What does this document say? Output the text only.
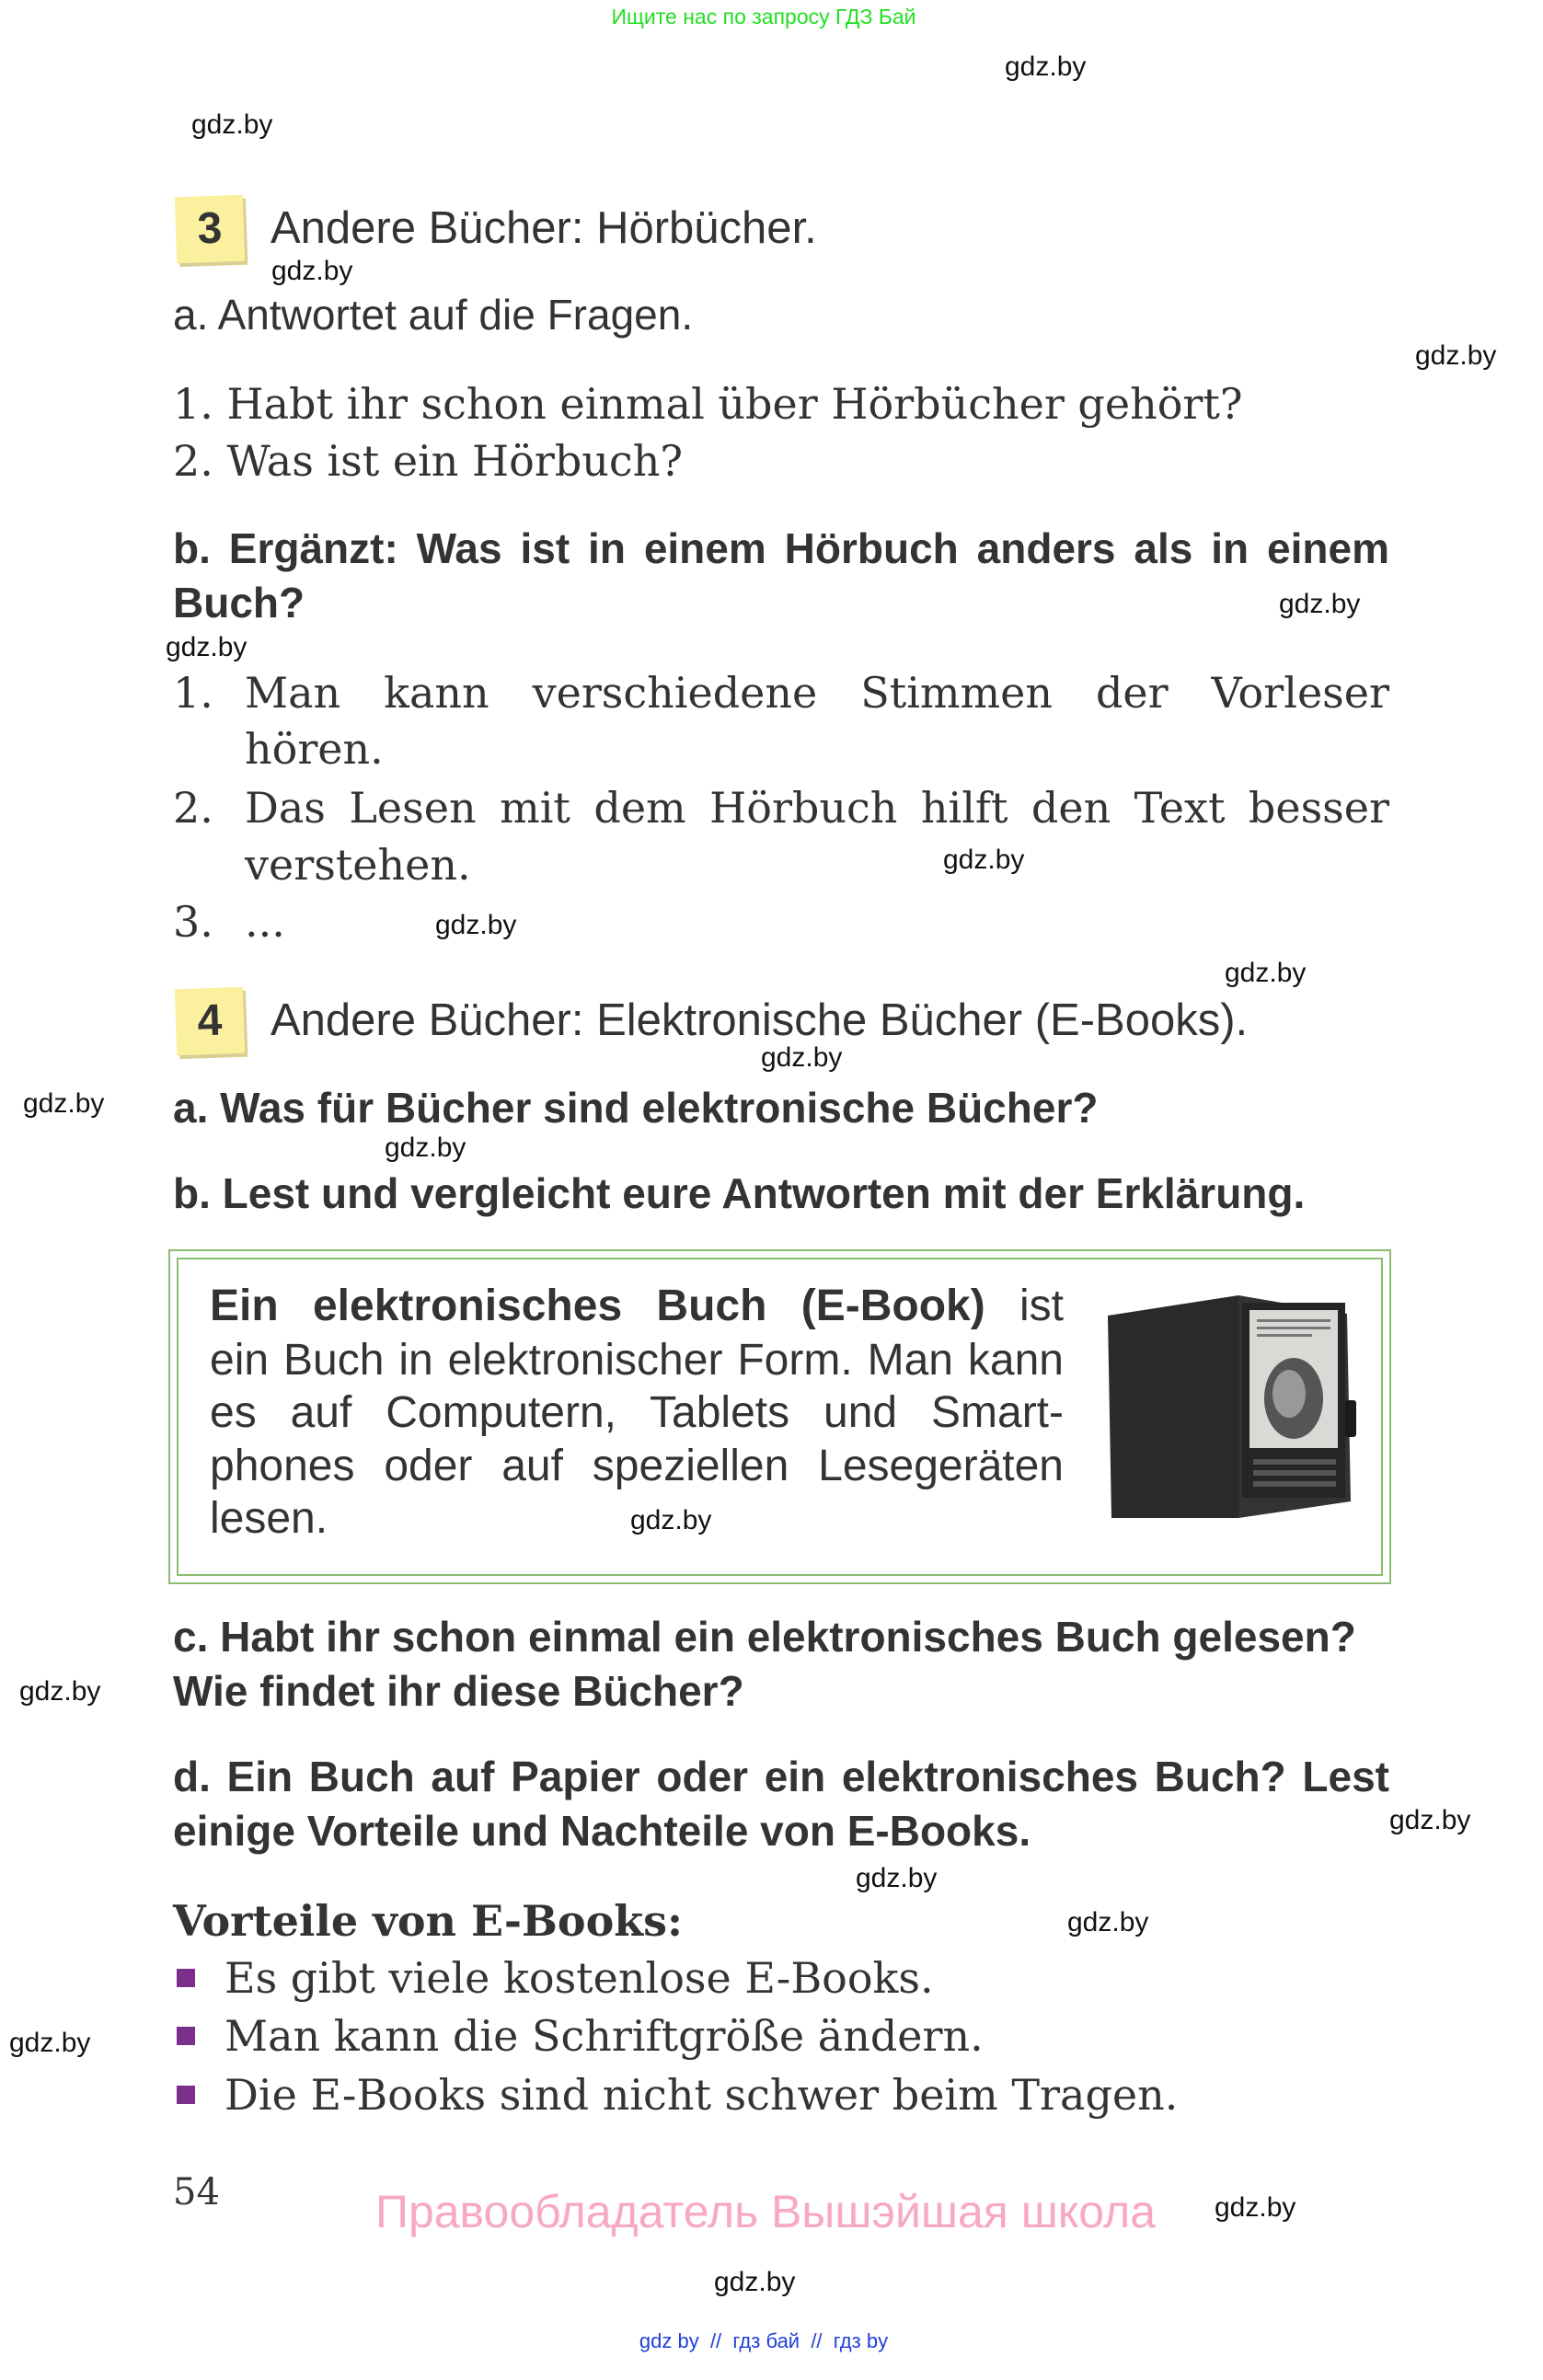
Ищите нас по запросу ГДЗ Бай
gdz.by
gdz.by
gdz.by
gdz.by
gdz.by
gdz.by
gdz.by
gdz.by
gdz.by
gdz.by
gdz.by
gdz.by
gdz.by
gdz.by
gdz.by
gdz.by
gdz.by
gdz.by
gdz.by
gdz.by
3	Andere Bücher: Hörbücher.
a. Antwortet auf die Fragen.
1. Habt ihr schon einmal über Hörbücher gehört?
2. Was ist ein Hörbuch?
b. Ergänzt: Was ist in einem Hörbuch anders als in einem
Buch?
1. Man kann verschiedene Stimmen der Vorleser
hören.
2. Das Lesen mit dem Hörbuch hilft den Text besser
verstehen.
3. ...
4	Andere Bücher: Elektronische Bücher (E-Books).
a. Was für Bücher sind elektronische Bücher?
b. Lest und vergleicht eure Antworten mit der Erklärung.
Ein elektronisches Buch (E-Book) ist
ein Buch in elektronischer Form. Man kann
es auf Computern, Tablets und Smart-
phones oder auf speziellen Lesegeräten
lesen.
c. Habt ihr schon einmal ein elektronisches Buch gelesen?
Wie findet ihr diese Bücher?
d. Ein Buch auf Papier oder ein elektronisches Buch? Lest
einige Vorteile und Nachteile von E-Books.
Vorteile von E-Books:
Es gibt viele kostenlose E-Books.
Man kann die Schriftgröße ändern.
Die E-Books sind nicht schwer beim Tragen.
54	Правообладатель Вышэйшая школа
gdz by  //  гдз бай  //  гдз by
